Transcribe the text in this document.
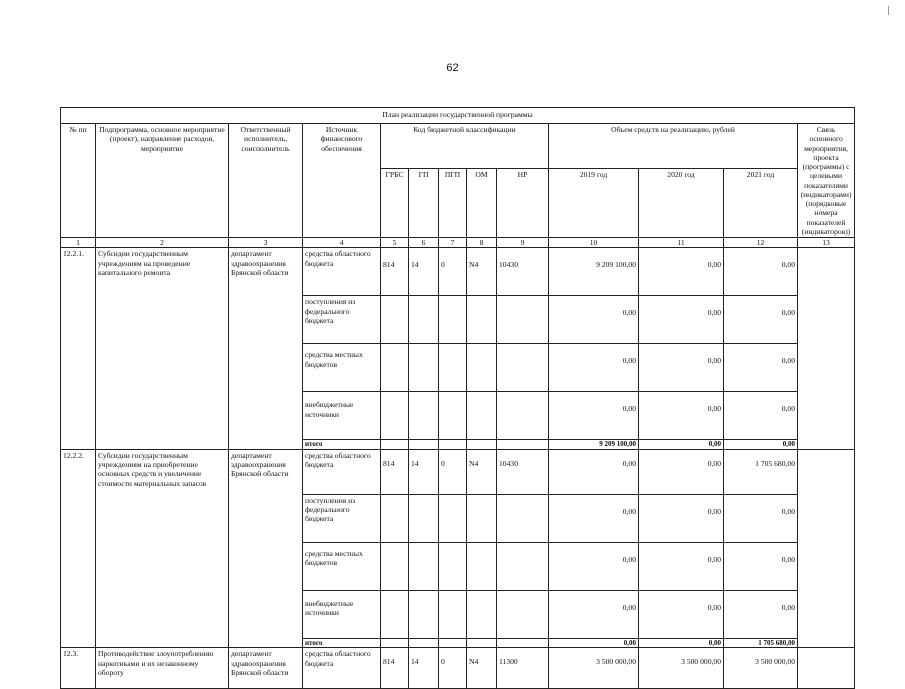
62
План реализации государственной программы												
№ пп	Подпрограмма, основное мероприятие (проект), направление расходов, мероприятие	Ответственный исполнитель, соисполнитель	Источник финансового обеспечения	Код бюджетной классификации					Объем средств на реализацию, рублей			Связь основного мероприятия, проекта (программы) с целевыми показателями (индикаторами) (порядковые номера показателей (индикаторов))
				ГРБС	ГП	ПГП	ОМ	НР	2019 год	2020 год	2021 год	
1	2	3	4	5	6	7	8	9	10	11	12	13
12.2.1.	Субсидии государственным учреждениям на проведение капитального ремонта	департамент здравоохранения Брянской области	средства областного бюджета	814	14	0	N4	10430	9 209 100,00	0,00	0,00	
			поступления из федерального бюджета						0,00	0,00	0,00	
			средства местных бюджетов						0,00	0,00	0,00	
			внебюджетные источники						0,00	0,00	0,00	
			итого						9 209 100,00	0,00	0,00	
12.2.2.	Субсидии государственным учреждениям на приобретение основных средств и увеличение стоимости материальных запасов	департамент здравоохранения Брянской области	средства областного бюджета	814	14	0	N4	10430	0,00	0,00	1 705 680,00	
			поступления из федерального бюджета						0,00	0,00	0,00	
			средства местных бюджетов						0,00	0,00	0,00	
			внебюджетные источники						0,00	0,00	0,00	
			итого						0,00	0,00	1 705 680,00	
12.3.	Противодействие злоупотреблению наркотиками и их незаконному обороту	департамент здравоохранения Брянской области	средства областного бюджета	814	14	0	N4	11300	3 500 000,00	3 500 000,00	3 500 000,00	
